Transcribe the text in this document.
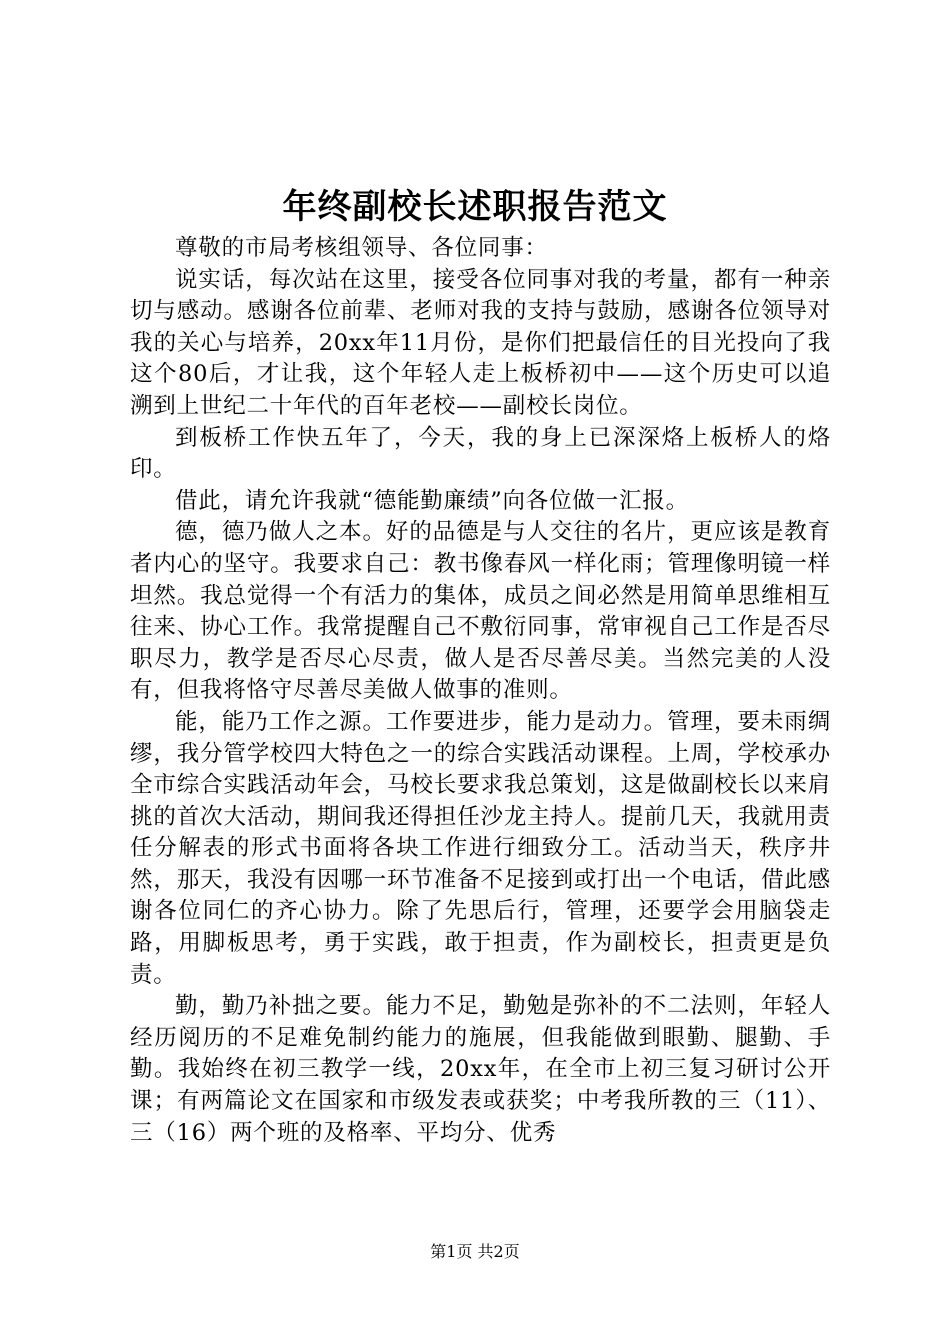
年终副校长述职报告范文

尊敬的市局考核组领导、各位同事：

说实话，每次站在这里，接受各位同事对我的考量，都有一种亲切与感动。感谢各位前辈、老师对我的支持与鼓励，感谢各位领导对我的关心与培养，20xx年11月份，是你们把最信任的目光投向了我这个80后，才让我，这个年轻人走上板桥初中——这个历史可以追溯到上世纪二十年代的百年老校——副校长岗位。

到板桥工作快五年了，今天，我的身上已深深烙上板桥人的烙印。

借此，请允许我就“德能勤廉绩”向各位做一汇报。

德，德乃做人之本。好的品德是与人交往的名片，更应该是教育者内心的坚守。我要求自己：教书像春风一样化雨；管理像明镜一样坦然。我总觉得一个有活力的集体，成员之间必然是用简单思维相互往来、协心工作。我常提醒自己不敷衍同事，常审视自己工作是否尽职尽力，教学是否尽心尽责，做人是否尽善尽美。当然完美的人没有，但我将恪守尽善尽美做人做事的准则。

能，能乃工作之源。工作要进步，能力是动力。管理，要未雨绸缪，我分管学校四大特色之一的综合实践活动课程。上周，学校承办全市综合实践活动年会，马校长要求我总策划，这是做副校长以来肩挑的首次大活动，期间我还得担任沙龙主持人。提前几天，我就用责任分解表的形式书面将各块工作进行细致分工。活动当天，秩序井然，那天，我没有因哪一环节准备不足接到或打出一个电话，借此感谢各位同仁的齐心协力。除了先思后行，管理，还要学会用脑袋走路，用脚板思考，勇于实践，敢于担责，作为副校长，担责更是负责。

勤，勤乃补拙之要。能力不足，勤勉是弥补的不二法则，年轻人经历阅历的不足难免制约能力的施展，但我能做到眼勤、腿勤、手勤。我始终在初三教学一线，20xx年，在全市上初三复习研讨公开课；有两篇论文在国家和市级发表或获奖；中考我所教的三（11）、三（16）两个班的及格率、平均分、优秀

第1页 共2页
